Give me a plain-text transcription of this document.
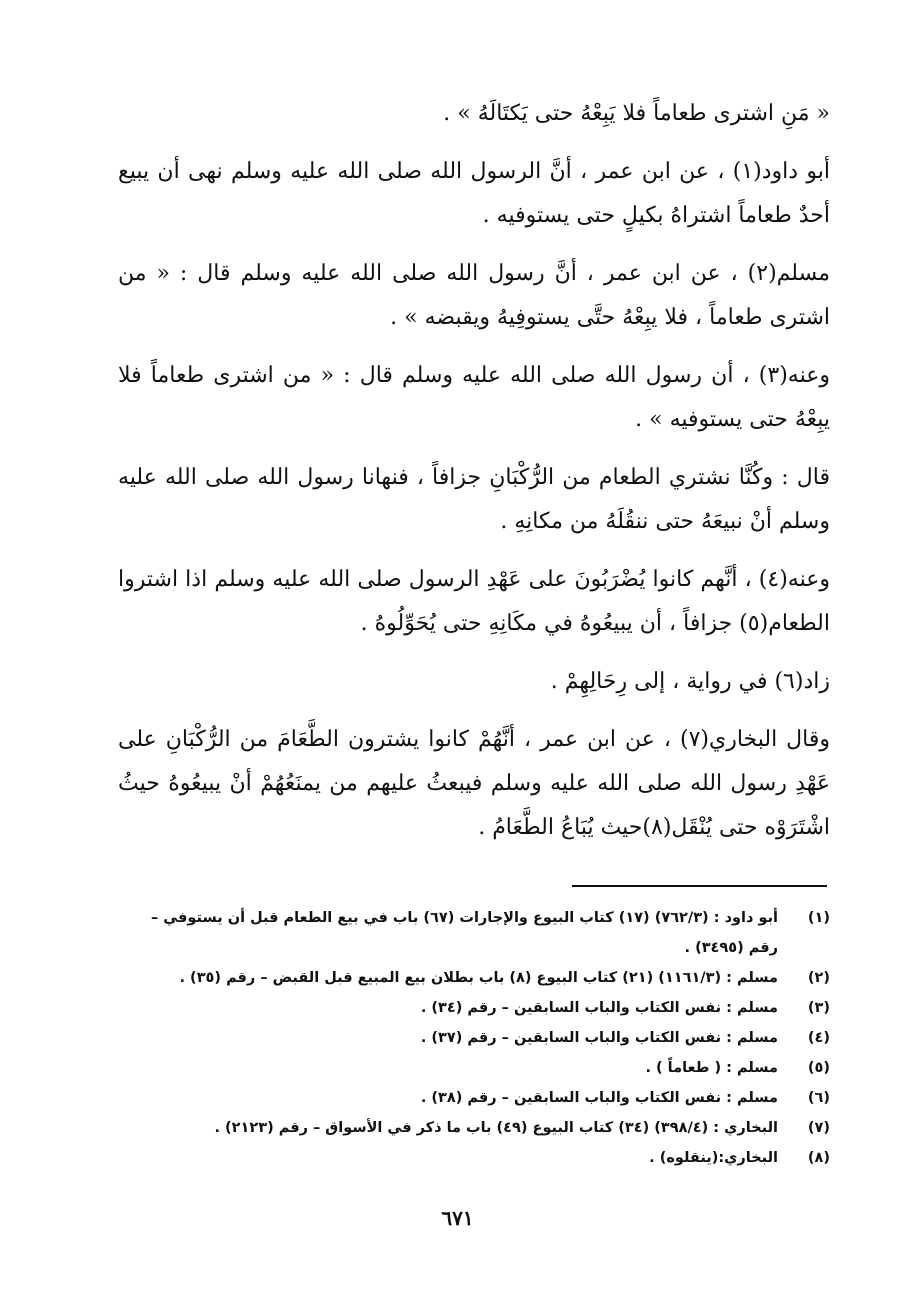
« مَنِ اشترى طعاماً فلا يَبِعْهُ حتى يَكتَالَهُ » .

أبو داود(١) ، عن ابن عمر ، أنَّ الرسول الله صلى الله عليه وسلم نهى أن يبيع أحدٌ طعاماً اشتراهُ بكيلٍ حتى يستوفيه .

مسلم(٢) ، عن ابن عمر ، أنَّ رسول الله صلى الله عليه وسلم قال : « من اشترى طعاماً ، فلا يبِعْهُ حتَّى يستوفِيهُ ويقبضه » .

وعنه(٣) ، أن رسول الله صلى الله عليه وسلم قال : « من اشترى طعاماً فلا يبِعْهُ حتى يستوفيه » .

قال : وكُنَّا نشتري الطعام من الرُّكْبَانِ جزافاً ، فنهانا رسول الله صلى الله عليه وسلم أنْ نبيعَهُ حتى ننقُلَهُ من مكانِهِ .

وعنه(٤) ، أنَّهم كانوا يُضْرَبُونَ على عَهْدِ الرسول صلى الله عليه وسلم اذا اشتروا الطعام(٥) جزافاً ، أن يبيعُوهُ في مكَانِهِ حتى يُحَوِّلُوهُ .

زاد(٦) في رواية ، إلى رِحَالِهِمْ .

وقال البخاري(٧) ، عن ابن عمر ، أنَّهُمْ كانوا يشترون الطَّعَامَ من الرُّكْبَانِ على عَهْدِ رسول الله صلى الله عليه وسلم فيبعثُ عليهم من يمنَعُهُمْ أنْ يبيعُوهُ حيثُ اشْتَرَوْه حتى يُنْقَل(٨)حيث يُبَاعُ الطَّعَامُ .

(١)
أبو داود : (٧٦٢/٣) (١٧) كتاب البيوع والإجارات (٦٧) باب في بيع الطعام قبل أن يستوفي – رقم (٣٤٩٥) .
(٢)
مسلم : (١١٦١/٣) (٢١) كتاب البيوع (٨) باب بطلان بيع المبيع قبل القبض – رقم (٣٥) .
(٣)
مسلم : نفس الكتاب والباب السابقين – رقم (٣٤) .
(٤)
مسلم : نفس الكتاب والباب السابقين – رقم (٣٧) .
(٥)
مسلم : ( طعاماً ) .
(٦)
مسلم : نفس الكتاب والباب السابقين – رقم (٣٨) .
(٧)
البخاري : (٣٩٨/٤) (٣٤) كتاب البيوع (٤٩) باب ما ذكر في الأسواق – رقم (٢١٢٣) .
(٨)
البخاري:(ينقلوه) .
٦٧١
